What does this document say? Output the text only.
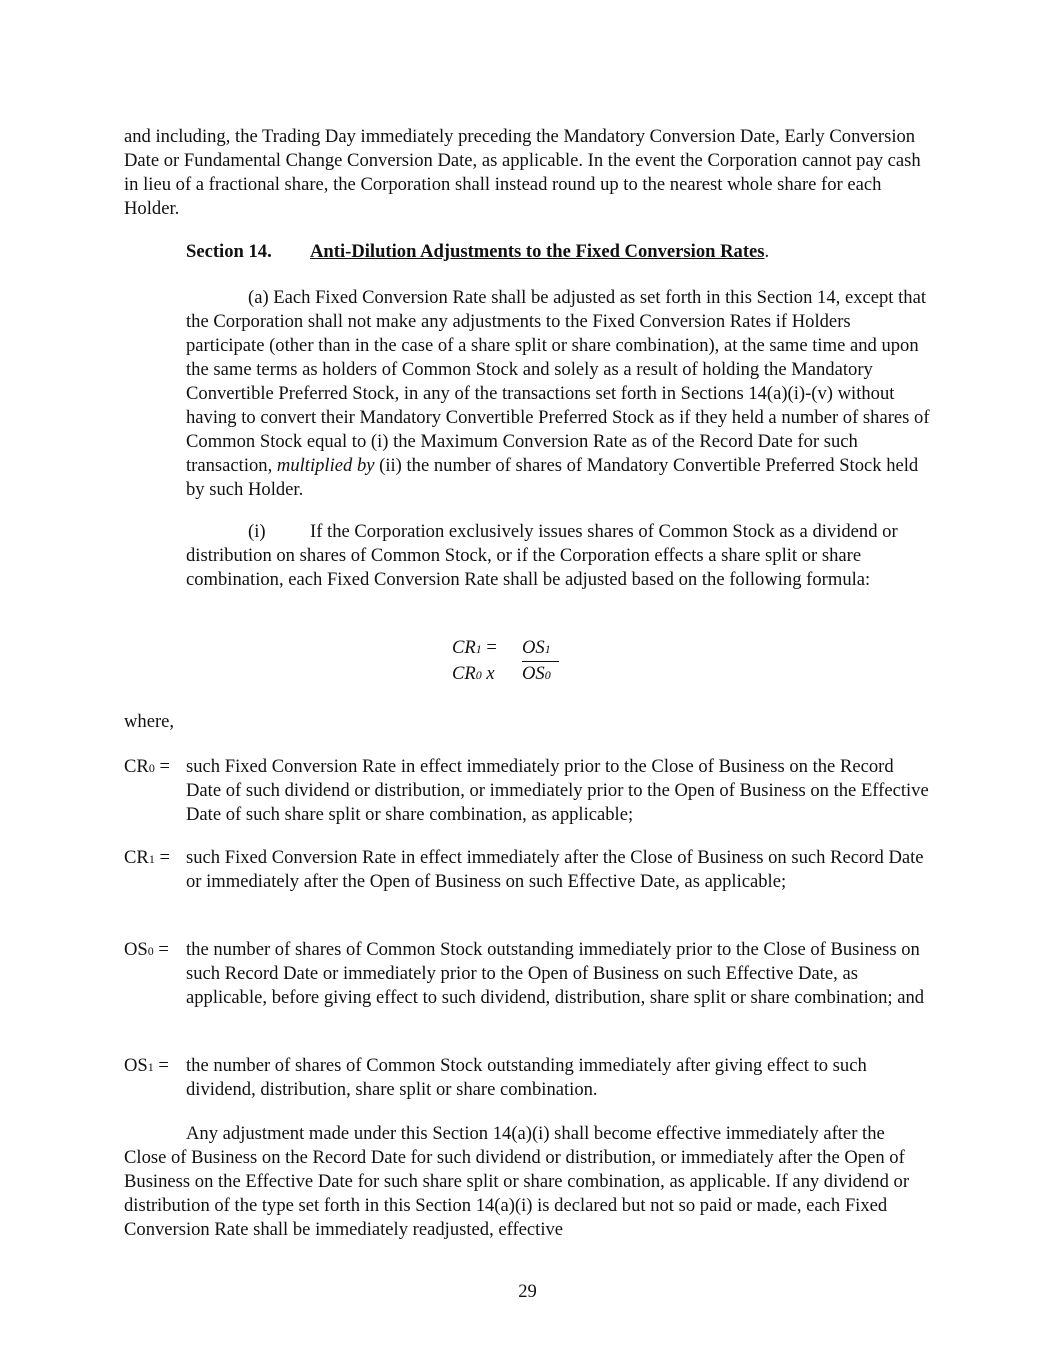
and including, the Trading Day immediately preceding the Mandatory Conversion Date, Early Conversion Date or Fundamental Change Conversion Date, as applicable. In the event the Corporation cannot pay cash in lieu of a fractional share, the Corporation shall instead round up to the nearest whole share for each Holder.

Section 14. Anti-Dilution Adjustments to the Fixed Conversion Rates.

(a) Each Fixed Conversion Rate shall be adjusted as set forth in this Section 14, except that the Corporation shall not make any adjustments to the Fixed Conversion Rates if Holders participate (other than in the case of a share split or share combination), at the same time and upon the same terms as holders of Common Stock and solely as a result of holding the Mandatory Convertible Preferred Stock, in any of the transactions set forth in Sections 14(a)(i)-(v) without having to convert their Mandatory Convertible Preferred Stock as if they held a number of shares of Common Stock equal to (i) the Maximum Conversion Rate as of the Record Date for such transaction, multiplied by (ii) the number of shares of Mandatory Convertible Preferred Stock held by such Holder.

(i) If the Corporation exclusively issues shares of Common Stock as a dividend or distribution on shares of Common Stock, or if the Corporation effects a share split or share combination, each Fixed Conversion Rate shall be adjusted based on the following formula:

CR1 = OS1
CR0 x OS0

where,

CR0 = such Fixed Conversion Rate in effect immediately prior to the Close of Business on the Record Date of such dividend or distribution, or immediately prior to the Open of Business on the Effective Date of such share split or share combination, as applicable;
CR1 = such Fixed Conversion Rate in effect immediately after the Close of Business on such Record Date or immediately after the Open of Business on such Effective Date, as applicable;
OS0 = the number of shares of Common Stock outstanding immediately prior to the Close of Business on such Record Date or immediately prior to the Open of Business on such Effective Date, as applicable, before giving effect to such dividend, distribution, share split or share combination; and
OS1 = the number of shares of Common Stock outstanding immediately after giving effect to such dividend, distribution, share split or share combination.

Any adjustment made under this Section 14(a)(i) shall become effective immediately after the Close of Business on the Record Date for such dividend or distribution, or immediately after the Open of Business on the Effective Date for such share split or share combination, as applicable. If any dividend or distribution of the type set forth in this Section 14(a)(i) is declared but not so paid or made, each Fixed Conversion Rate shall be immediately readjusted, effective

29
